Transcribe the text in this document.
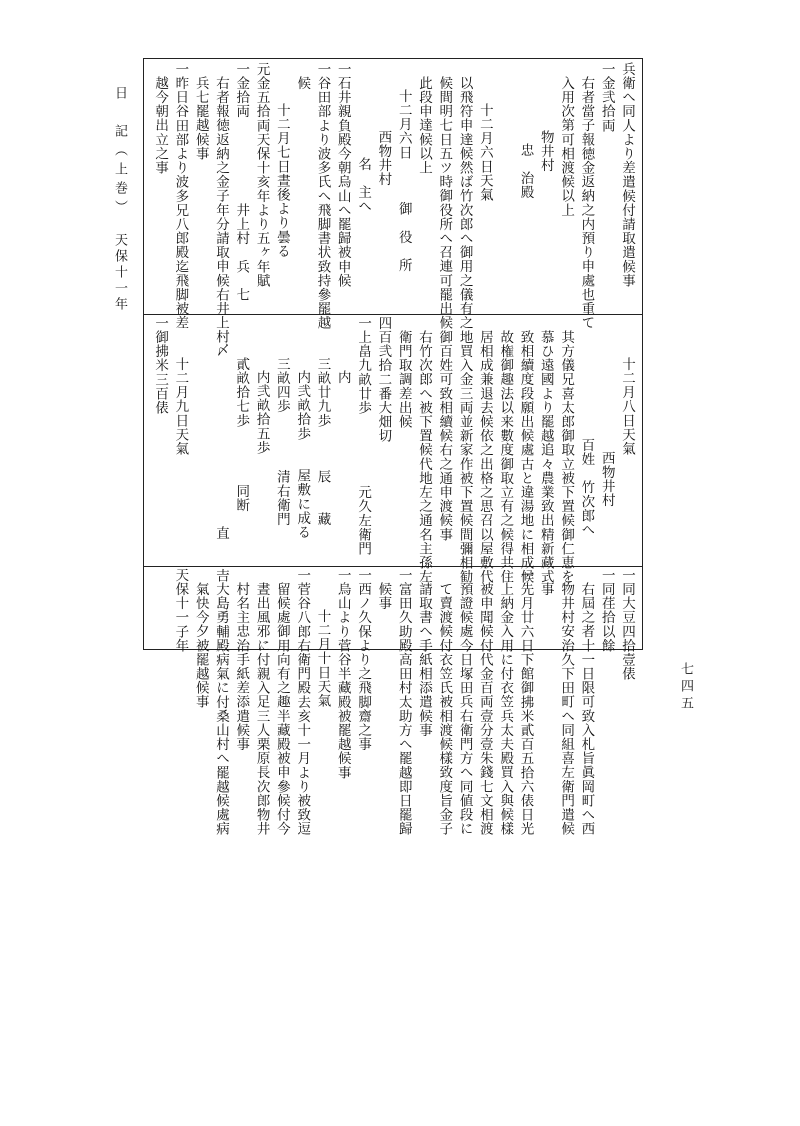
日　記（上巻）天保十一年	兵衛へ同人より差遣候付請取遣候事
一金弐拾両
右者當子報徳金返納之内預り申處也重て
入用次第可相渡候以上
物井村
忠　治殿
十二月六日天氣
以飛符申達候然ば竹次郎へ御用之儀有之
候間明七日五ツ時御役所へ召連可罷出候
此段申達候以上
十二月六日　　　御　役　所
西物井村
名　主へ
一石井親負殿今朝烏山へ罷歸被申候
一谷田部より波多氏へ飛脚書状致持參罷越
候
十二月七日晝後より曇る
元金五拾両天保十亥年より五ヶ年賦
一金拾両　　　　　　井上村　兵　七
右者報徳返納之金子年分請取申候右井上村
兵七罷越候事
一昨日谷田部より波多兄八郎殿迄飛脚被差
越今朝出立之事
十二月八日天氣
西物井村
百姓　竹次郎へ
其方儀兄喜太郎御取立被下置候御仁恵を
慕ひ遠國より罷越追々農業致出精新藏式
致相續度段願出候處古と違湯地に相成候
故権御趣法以来數度御取立有之候得共住
居相成兼退去候依之出格之思召以屋敷代
地買入金三両並新家作被下置候間彌相勧
御百姓可致相續候右之通申渡候事
右竹次郎へ被下置候代地左之通名主孫左
衛門取調差出候
四百弐拾二番大畑切
一上畠九畝廿歩　　　　　元久左衛門
内
三畝廿九歩　　　辰　　藏
内弐畝拾歩　　屋敷に成る
三畝四歩　　　　清右衛門
内弐畝拾五歩
貳畝拾七歩　　　　同断
〆　　　　　　　　　　　　直　　吉
十二月九日天氣
一御拂米三百俵
一同大豆四拾壹俵
一同荏拾以餘
右屆之者十一日限可致入札旨眞岡町へ西
物井村安治久下田町へ同組喜左衛門遣候
事
一先月廿六日下館御拂米貳百五拾六俵日光
上納金入用に付衣笠兵太夫殿買入與候樣
被申聞候付代金百両壹分壹朱錢七文相渡
預證候處今日塚田兵右衛門方へ同値段に
て賣渡候付衣笠氏被相渡候樣致度旨金子
請取書へ手紙相添遣候事
一富田久助殿高田村太助方へ罷越即日罷歸
候事
一西ノ久保より之飛脚齋之事
一烏山より菅谷半藏殿被罷越候事
十二月十日天氣
一菅谷八郎右衛門殿去亥十一月より被致逗
留候處御用向有之趣半藏殿被申參候付今
晝出風邪に付親入足三人栗原長次郎物井
村名主忠治手紙差添遣候事
一大島勇輔殿病氣に付桑山村へ罷越候處病
氣快今夕被罷越候事
天保十一子年
七四五
